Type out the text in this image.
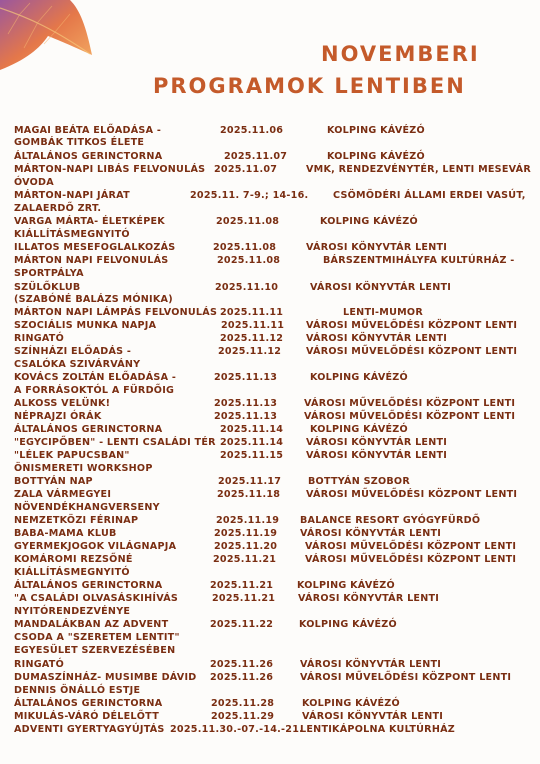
NOVEMBERI
PROGRAMOK LENTIBEN
MAGAI BEÁTA ELŐADÁSA -	2025.11.06	KOLPING KÁVÉZÓ
GOMBÁK TITKOS ÉLETE
ÁLTALÁNOS GERINCTORNA	2025.11.07	KOLPING KÁVÉZÓ
MÁRTON-NAPI LIBÁS FELVONULÁS 2025.11.07	VMK, RENDEZVÉNYTÉR, LENTI MESEVÁR
ÓVODA
MÁRTON-NAPI JÁRAT	2025.11. 7-9.; 14-16.	CSÖMÖDÉRI ÁLLAMI ERDEI VASÚT,
ZALAERDŐ ZRT.
VARGA MÁRTA- ÉLETKÉPEK	2025.11.08	KOLPING KÁVÉZÓ
KIÁLLÍTÁSMEGNYITÓ
ILLATOS MESEFOGLALKOZÁS	2025.11.08	VÁROSI KÖNYVTÁR LENTI
MÁRTON NAPI FELVONULÁS	2025.11.08	BÁRSZENTMIHÁLYFA KULTÚRHÁZ -
SPORTPÁLYA
SZÜLŐKLUB	2025.11.10	VÁROSI KÖNYVTÁR LENTI
(SZABÓNÉ BALÁZS MÓNIKA)
MÁRTON NAPI LÁMPÁS FELVONULÁS 2025.11.11	LENTI-MUMOR
SZOCIÁLIS MUNKA NAPJA	2025.11.11 VÁROSI MŰVELŐDÉSI KÖZPONT LENTI
RINGATÓ	2025.11.12 VÁROSI KÖNYVTÁR LENTI
SZÍNHÁZI ELŐADÁS -	2025.11.12	VÁROSI MŰVELŐDÉSI KÖZPONT LENTI
CSALÓKA SZIVÁRVÁNY
KOVÁCS ZOLTÁN ELŐADÁSA -	2025.11.13	KOLPING KÁVÉZÓ
A FORRÁSOKTÓL A FÜRDŐIG
ALKOSS VELÜNK!	2025.11.13	VÁROSI MŰVELŐDÉSI KÖZPONT LENTI
NÉPRAJZI ÓRÁK	2025.11.13	VÁROSI MŰVELŐDÉSI KÖZPONT LENTI
ÁLTALÁNOS GERINCTORNA	2025.11.14	KOLPING KÁVÉZÓ
"EGYCIPŐBEN" - LENTI CSALÁDI TÉR 2025.11.14 VÁROSI KÖNYVTÁR LENTI
"LÉLEK PAPUCSBAN"	2025.11.15 VÁROSI KÖNYVTÁR LENTI
ÖNISMERETI WORKSHOP
BOTTYÁN NAP	2025.11.17	BOTTYÁN SZOBOR
ZALA VÁRMEGYEI	2025.11.18	VÁROSI MŰVELŐDÉSI KÖZPONT LENTI
NÖVENDÉKHANGVERSENY
NEMZETKÖZI FÉRINAP	2025.11.19 BALANCE RESORT GYÓGYFÜRDŐ
BABA-MAMA KLUB	2025.11.19 VÁROSI KÖNYVTÁR LENTI
GYERMEKJOGOK VILÁGNAPJA	2025.11.20	VÁROSI MŰVELŐDÉSI KÖZPONT LENTI
KOMÁROMI REZSŐNÉ	2025.11.21	VÁROSI MŰVELŐDÉSI KÖZPONT LENTI
KIÁLLÍTÁSMEGNYITÓ
ÁLTALÁNOS GERINCTORNA	2025.11.21 KOLPING KÁVÉZÓ
"A CSALÁDI OLVASÁSKIHÍVÁS	2025.11.21 VÁROSI KÖNYVTÁR LENTI
NYITÓRENDEZVÉNYE
MANDALÁKBAN AZ ADVENT	2025.11.22	KOLPING KÁVÉZÓ
CSODA A "SZERETEM LENTIT"
EGYESÜLET SZERVEZÉSÉBEN
RINGATÓ	2025.11.26	VÁROSI KÖNYVTÁR LENTI
DUMASZÍNHÁZ- MUSIMBE DÁVID 2025.11.26	VÁROSI MŰVELŐDÉSI KÖZPONT LENTI
DENNIS ÖNÁLLÓ ESTJE
ÁLTALÁNOS GERINCTORNA	2025.11.28	KOLPING KÁVÉZÓ
MIKULÁS-VÁRÓ DÉLELŐTT	2025.11.29	VÁROSI KÖNYVTÁR LENTI
ADVENTI GYERTYAGYÚJTÁS 2025.11.30.-07.-14.-21.
LENTIKÁPOLNA KULTÚRHÁZ
